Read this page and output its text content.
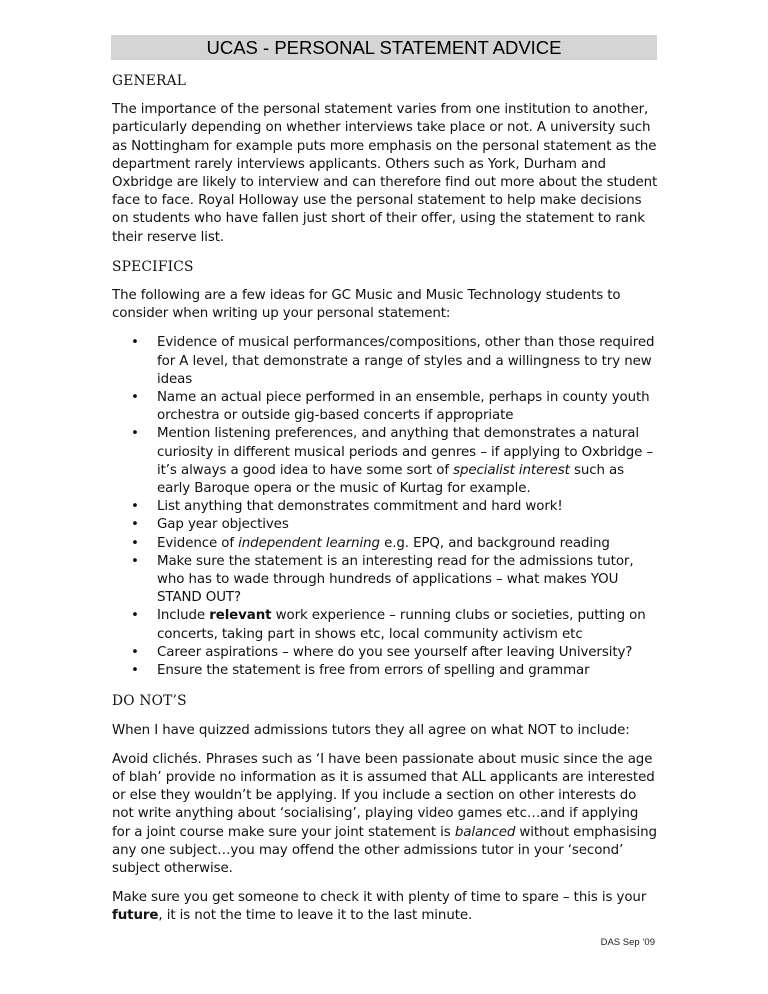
UCAS - PERSONAL STATEMENT ADVICE
GENERAL

The importance of the personal statement varies from one institution to another, particularly depending on whether interviews take place or not. A university such as Nottingham for example puts more emphasis on the personal statement as the department rarely interviews applicants. Others such as York, Durham and Oxbridge are likely to interview and can therefore find out more about the student face to face. Royal Holloway use the personal statement to help make decisions on students who have fallen just short of their offer, using the statement to rank their reserve list.

SPECIFICS

The following are a few ideas for GC Music and Music Technology students to consider when writing up your personal statement:

• Evidence of musical performances/compositions, other than those required for A level, that demonstrate a range of styles and a willingness to try new ideas
• Name an actual piece performed in an ensemble, perhaps in county youth orchestra or outside gig-based concerts if appropriate
• Mention listening preferences, and anything that demonstrates a natural curiosity in different musical periods and genres – if applying to Oxbridge – it’s always a good idea to have some sort of specialist interest such as early Baroque opera or the music of Kurtag for example.
• List anything that demonstrates commitment and hard work!
• Gap year objectives
• Evidence of independent learning e.g. EPQ, and background reading
• Make sure the statement is an interesting read for the admissions tutor, who has to wade through hundreds of applications – what makes YOU STAND OUT?
• Include relevant work experience – running clubs or societies, putting on concerts, taking part in shows etc, local community activism etc
• Career aspirations – where do you see yourself after leaving University?
• Ensure the statement is free from errors of spelling and grammar
DO NOT’S

When I have quizzed admissions tutors they all agree on what NOT to include:

Avoid clichés. Phrases such as ‘I have been passionate about music since the age of blah’ provide no information as it is assumed that ALL applicants are interested or else they wouldn’t be applying. If you include a section on other interests do not write anything about ‘socialising’, playing video games etc…and if applying for a joint course make sure your joint statement is balanced without emphasising any one subject…you may offend the other admissions tutor in your ‘second’ subject otherwise.

Make sure you get someone to check it with plenty of time to spare – this is your future, it is not the time to leave it to the last minute.

DAS Sep ’09
